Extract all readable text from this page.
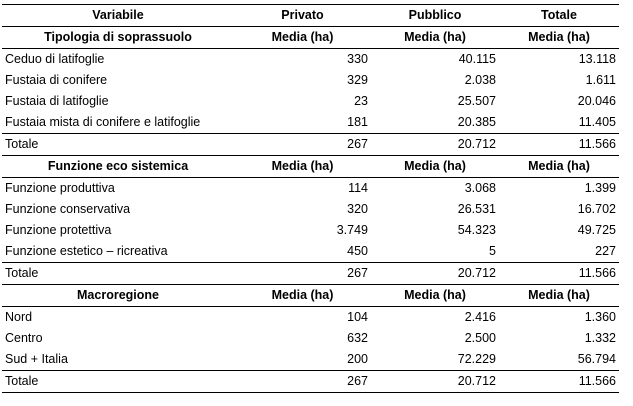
Variabile	Privato	Pubblico	Totale
Tipologia di soprassuolo	Media (ha)	Media (ha)	Media (ha)
Ceduo di latifoglie	330	40.115	13.118
Fustaia di conifere	329	2.038	1.611
Fustaia di latifoglie	23	25.507	20.046
Fustaia mista di conifere e latifoglie	181	20.385	11.405
Totale	267	20.712	11.566
Funzione eco sistemica	Media (ha)	Media (ha)	Media (ha)
Funzione produttiva	114	3.068	1.399
Funzione conservativa	320	26.531	16.702
Funzione protettiva	3.749	54.323	49.725
Funzione estetico – ricreativa	450	5	227
Totale	267	20.712	11.566
Macroregione	Media (ha)	Media (ha)	Media (ha)
Nord	104	2.416	1.360
Centro	632	2.500	1.332
Sud + Italia	200	72.229	56.794
Totale	267	20.712	11.566
